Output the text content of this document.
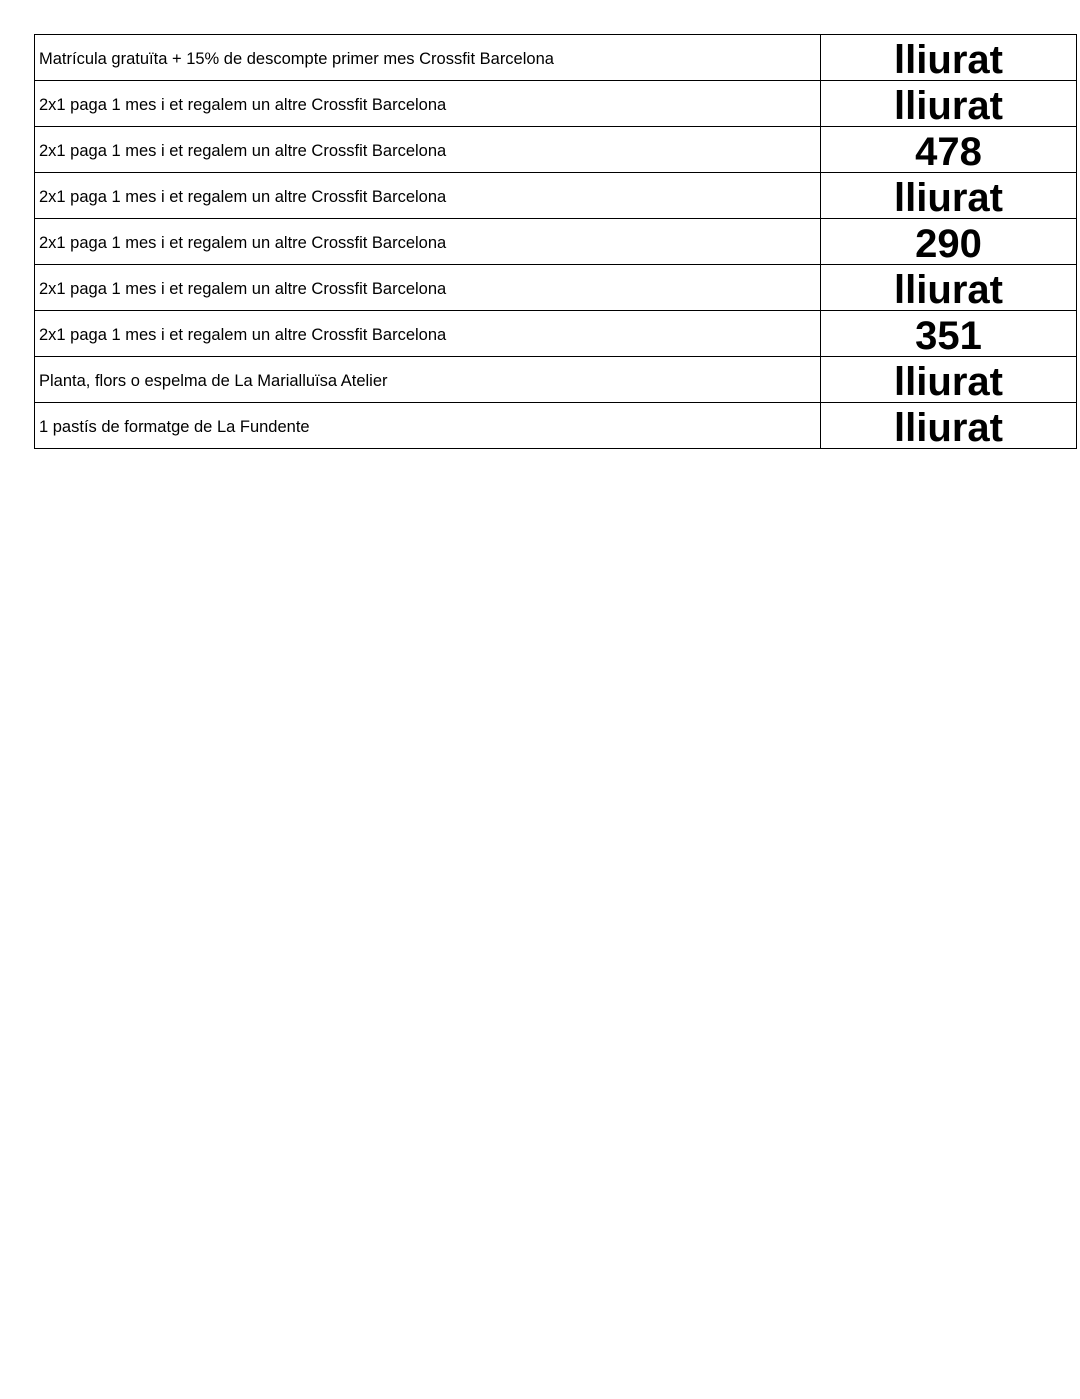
Matrícula gratuïta + 15% de descompte primer mes Crossfit Barcelona	lliurat
2x1 paga 1 mes i et regalem un altre Crossfit Barcelona	lliurat
2x1 paga 1 mes i et regalem un altre Crossfit Barcelona	478
2x1 paga 1 mes i et regalem un altre Crossfit Barcelona	lliurat
2x1 paga 1 mes i et regalem un altre Crossfit Barcelona	290
2x1 paga 1 mes i et regalem un altre Crossfit Barcelona	lliurat
2x1 paga 1 mes i et regalem un altre Crossfit Barcelona	351
Planta, flors o espelma de La Marialluïsa Atelier	lliurat
1 pastís de formatge de La Fundente	lliurat
